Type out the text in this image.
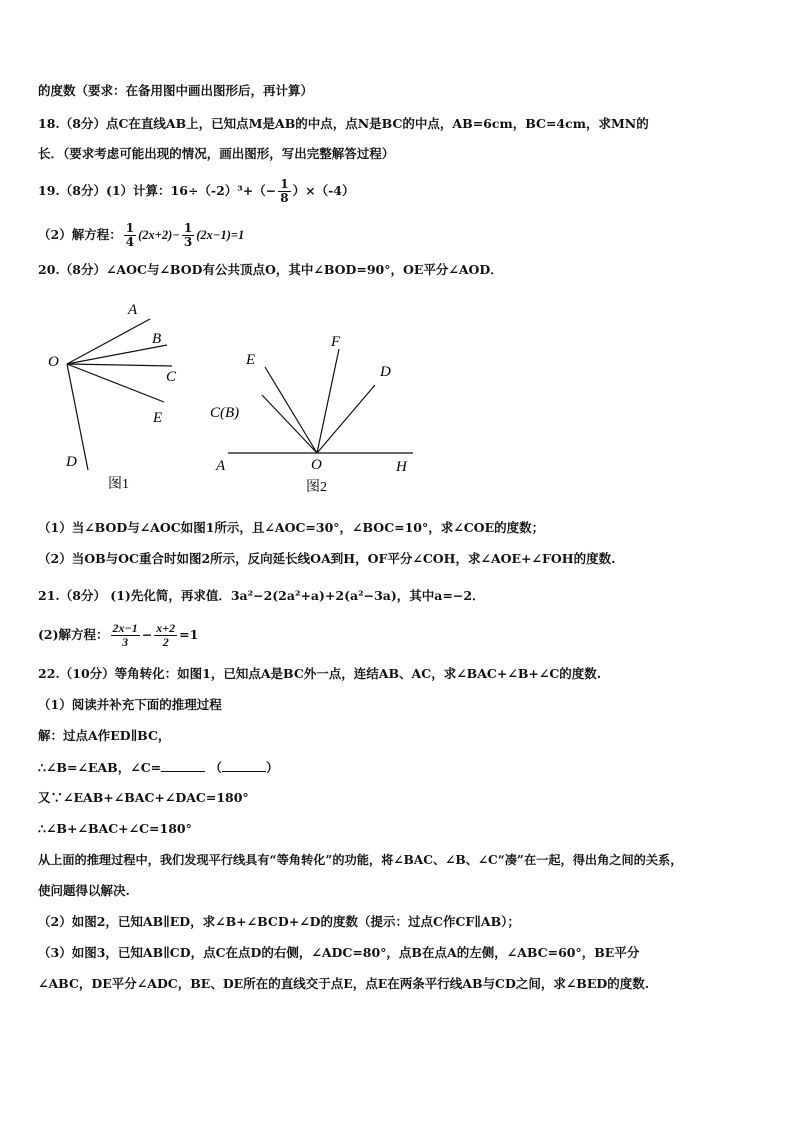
的度数（要求：在备用图中画出图形后，再计算）
18.（8分）点C在直线AB上，已知点M是AB的中点，点N是BC的中点，AB=6cm，BC=4cm，求MN的
长．（要求考虑可能出现的情况，画出图形，写出完整解答过程）
19.（8分）(1）计算：$16\div(-2)^3+(- \frac{1}{8} )\times(-4)$
（2）解方程： $\frac{1}{4} (2x+2)- \frac{1}{3} (2x-1)=1$
20.（8分）∠AOC与∠BOD有公共顶点O，其中∠BOD=90°，OE平分∠AOD．
O
A
B
C
E
D
图1
E
F
D
C(B)
A	O	H
图2
（1）当∠BOD与∠AOC如图1所示，且∠AOC=30°，∠BOC=10°，求∠COE的度数；
（2）当OB与OC重合时如图2所示，反向延长线OA到H，OF平分∠COH，求∠AOE+∠FOH的度数.
21.（8分） (1)先化简，再求值．3a²−2(2a²+a)+2(a²−3a)，其中a=−2．
(2)解方程： $\frac{2x-1}{3} - \frac{x+2}{2} =1$
22.（10分）等角转化：如图1，已知点A是BC外一点，连结AB、AC，求∠BAC+∠B+∠C的度数.
（1）阅读并补充下面的推理过程
解：过点A作ED∥BC，
∴∠B=∠EAB，∠C=	（	）
又∵∠EAB+∠BAC+∠DAC=180°
∴∠B+∠BAC+∠C=180°
从上面的推理过程中，我们发现平行线具有“等角转化”的功能，将∠BAC、∠B、∠C“凑”在一起，得出角之间的关系，
使问题得以解决.
（2）如图2，已知AB∥ED，求∠B+∠BCD+∠D的度数（提示：过点C作CF∥AB）；
（3）如图3，已知AB∥CD，点C在点D的右侧，∠ADC=80°，点B在点A的左侧，∠ABC=60°，BE平分
∠ABC，DE平分∠ADC，BE、DE所在的直线交于点E，点E在两条平行线AB与CD之间，求∠BED的度数.
